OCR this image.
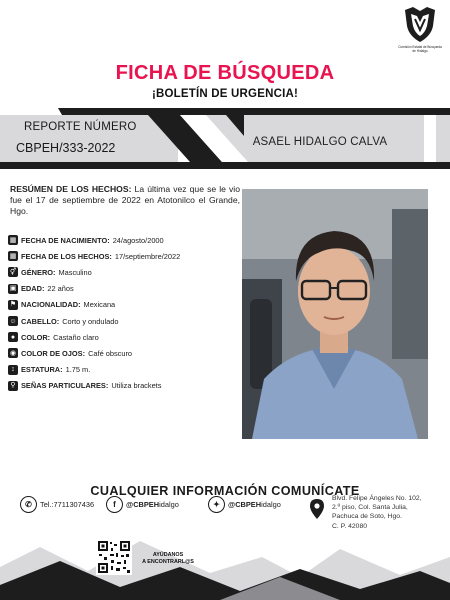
Comisión Estatal de Búsqueda de Hidalgo
FICHA DE BÚSQUEDA
¡BOLETÍN DE URGENCIA!
REPORTE NÚMERO
CBPEH/333-2022	ASAEL HIDALGO CALVA
RESÚMEN DE LOS HECHOS: La última vez que se le vio fue el 17 de septiembre de 2022 en Atotonilco el Grande, Hgo.
▦ FECHA DE NACIMIENTO: 24/agosto/2000
▦ FECHA DE LOS HECHOS: 17/septiembre/2022
⚥ GÉNERO: Masculino
▣ EDAD: 22 años
⚑ NACIONALIDAD: Mexicana
☺ CABELLO: Corto y ondulado
● COLOR: Castaño claro
◉ COLOR DE OJOS: Café obscuro
↕ ESTATURA: 1.75 m.
⚲ SEÑAS PARTICULARES: Utiliza brackets
CUALQUIER INFORMACIÓN COMUNÍCATE
✆	Tel.:7711307436	f	@CBPEH idalgo	✦	@CBPEH idalgo
Blvd. Felipe Ángeles No. 102,
2.º piso, Col. Santa Julia,
Pachuca de Soto, Hgo.
C. P. 42080
AYÚDANOS
A ENCONTRARL@S
